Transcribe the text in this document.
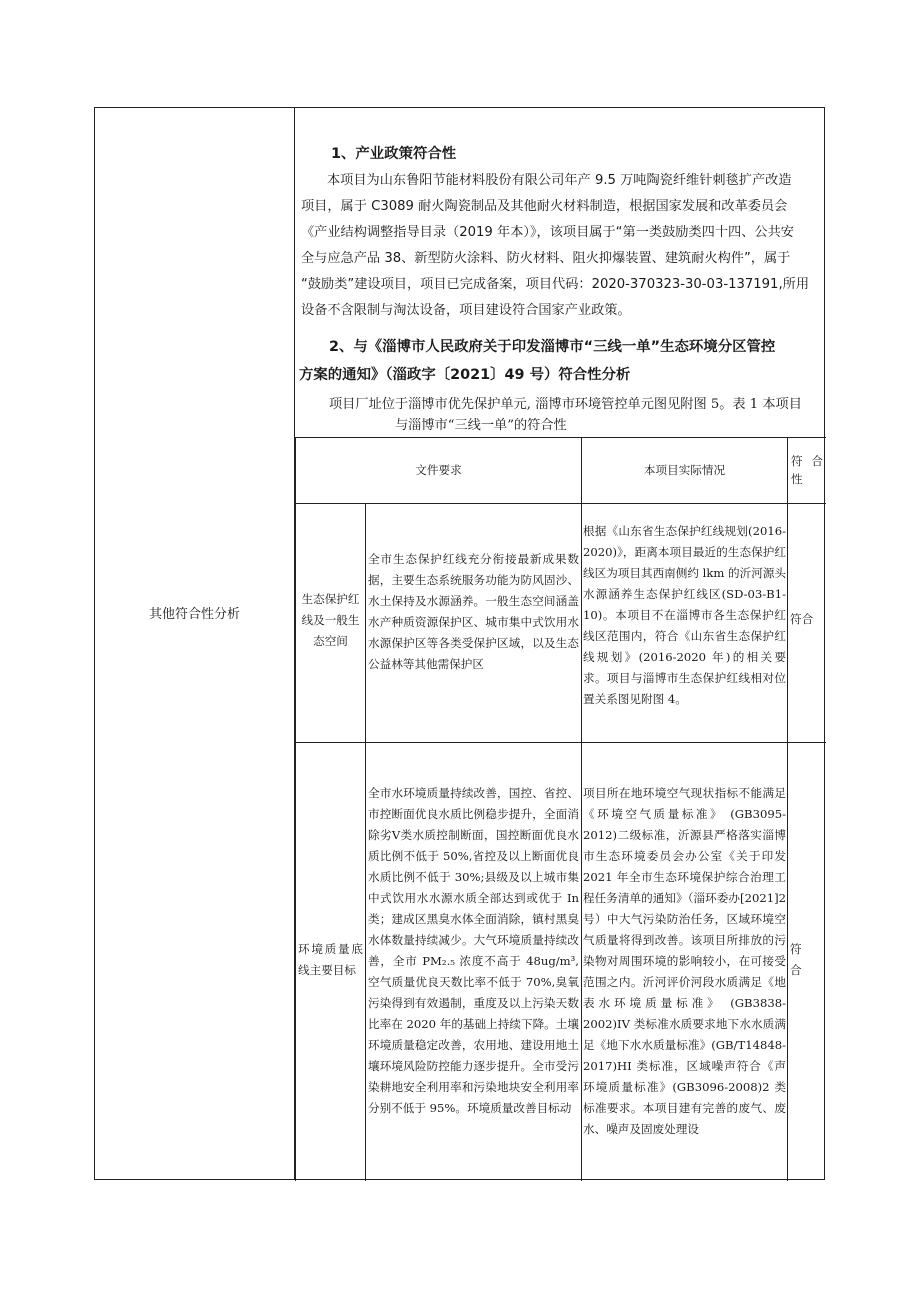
其他符合性分析
1、产业政策符合性
本项目为山东鲁阳节能材料股份有限公司年产 9.5 万吨陶瓷纤维针刺毯扩产改造
项目，属于 C3089 耐火陶瓷制品及其他耐火材料制造，根据国家发展和改革委员会
《产业结构调整指导目录（2019 年本）》，该项目属于“第一类鼓励类四十四、公共安
全与应急产品 38、新型防火涂料、防火材料、阻火抑爆装置、建筑耐火构件”，属于
“鼓励类”建设项目，项目已完成备案，项目代码：2020-370323-30-03-137191,所用
设备不含限制与淘汰设备，项目建设符合国家产业政策。
2、与《淄博市人民政府关于印发淄博市“三线一单”生态环境分区管控
方案的通知》（淄政字〔2021〕49 号）符合性分析
项目厂址位于淄博市优先保护单元, 淄博市环境管控单元图见附图 5。表 1 本项目
与淄博市“三线一单”的符合性
文件要求	本项目实际情况
符合性
生态保护红线及一般生态空间
全市生态保护红线充分衔接最新成果数据，主要生态系统服务功能为防风固沙、水土保持及水源涵养。一般生态空间涵盖水产种质资源保护区、城市集中式饮用水水源保护区等各类受保护区域，以及生态公益林等其他需保护区
根据《山东省生态保护红线规划(2016-2020)》，距离本项目最近的生态保护红线区为项目其西南侧约 lkm 的沂河源头水源涵养生态保护红线区(SD-03-B1-10)。本项目不在淄博市各生态保护红线区范围内，符合《山东省生态保护红线规划》(2016-2020 年)的相关要求。项目与淄博市生态保护红线相对位置关系图见附图 4。
符合
环境质量底线主要目标
全市水环境质量持续改善，国控、省控、市控断面优良水质比例稳步提升，全面消除劣Ⅴ类水质控制断面，国控断面优良水质比例不低于 50%,省控及以上断面优良水质比例不低于 30%;县级及以上城市集中式饮用水水源水质全部达到或优于 In 类；建成区黑臭水体全面消除，镇村黑臭水体数量持续减少。大气环境质量持续改善，全市 PM₂.₅ 浓度不高于 48ug/m³,空气质量优良天数比率不低于 70%,臭氧污染得到有效遏制，重度及以上污染天数比率在 2020 年的基础上持续下降。土壤环境质量稳定改善，农用地、建设用地土壤环境风险防控能力逐步提升。全市受污染耕地安全利用率和污染地块安全利用率分别不低于 95%。环境质量改善目标动
项目所在地环境空气现状指标不能满足《环境空气质量标准》 (GB3095-2012)二级标准，沂源县严格落实淄博市生态环境委员会办公室《关于印发 2021 年全市生态环境保护综合治理工程任务清单的通知》（淄环委办[2021]2 号）中大气污染防治任务，区域环境空气质量将得到改善。该项目所排放的污染物对周围环境的影响较小，在可接受范围之内。沂河评价河段水质满足《地表水环境质量标准》 (GB3838-2002)IV 类标准水质要求地下水水质满足《地下水水质量标准》(GB/T14848-2017)HI 类标准，区域噪声符合《声环境质量标准》(GB3096-2008)2 类标准要求。本项目建有完善的废气、废水、噪声及固废处理设
符合
